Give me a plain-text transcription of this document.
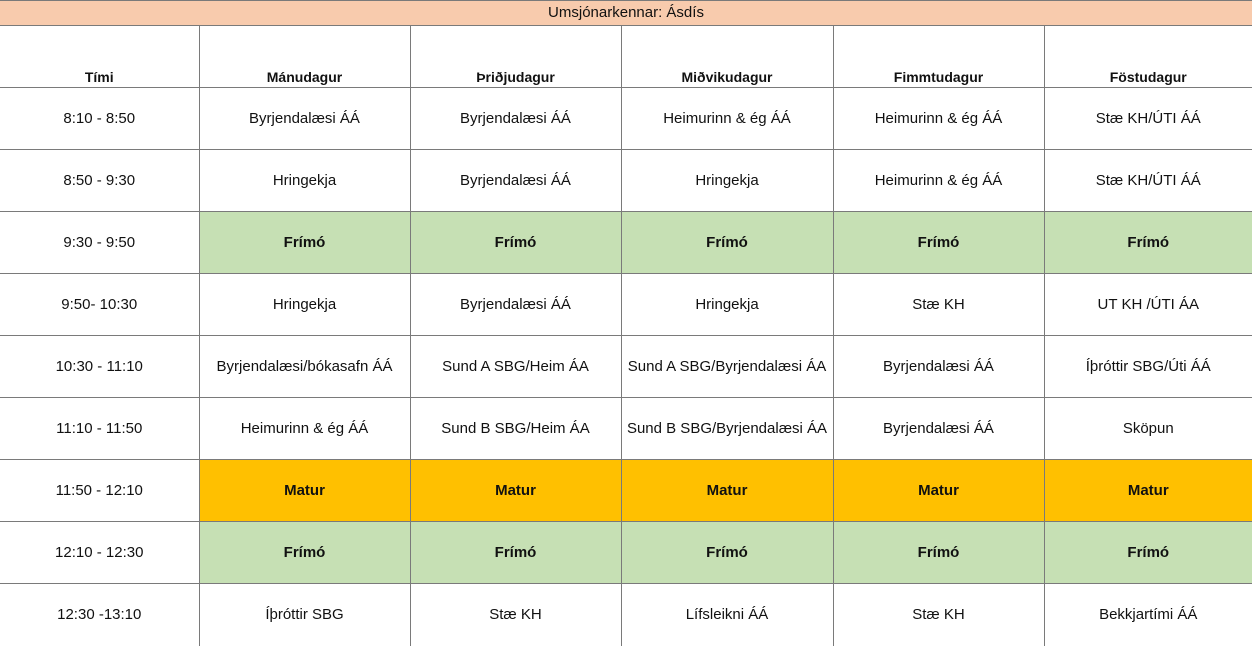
Umsjónarkennar: Ásdís
Tími	Mánudagur	Þriðjudagur	Miðvikudagur	Fimmtudagur	Föstudagur
8:10 - 8:50	Byrjendalæsi ÁÁ	Byrjendalæsi ÁÁ	Heimurinn & ég ÁÁ	Heimurinn & ég ÁÁ	Stæ KH/ÚTI ÁÁ
8:50 - 9:30	Hringekja	Byrjendalæsi ÁÁ	Hringekja	Heimurinn & ég ÁÁ	Stæ KH/ÚTI ÁÁ
9:30 - 9:50	Frímó	Frímó	Frímó	Frímó	Frímó
9:50- 10:30	Hringekja	Byrjendalæsi ÁÁ	Hringekja	Stæ KH	UT KH /ÚTI ÁA
10:30 - 11:10	Byrjendalæsi/bókasafn ÁÁ	Sund A SBG/Heim ÁA	Sund A SBG/Byrjendalæsi ÁA	Byrjendalæsi ÁÁ	Íþróttir SBG/Úti ÁÁ
11:10 - 11:50	Heimurinn & ég ÁÁ	Sund B SBG/Heim ÁA	Sund B SBG/Byrjendalæsi ÁA	Byrjendalæsi ÁÁ	Sköpun
11:50 - 12:10	Matur	Matur	Matur	Matur	Matur
12:10 - 12:30	Frímó	Frímó	Frímó	Frímó	Frímó
12:30 -13:10	Íþróttir SBG	Stæ KH	Lífsleikni ÁÁ	Stæ KH	Bekkjartími ÁÁ
